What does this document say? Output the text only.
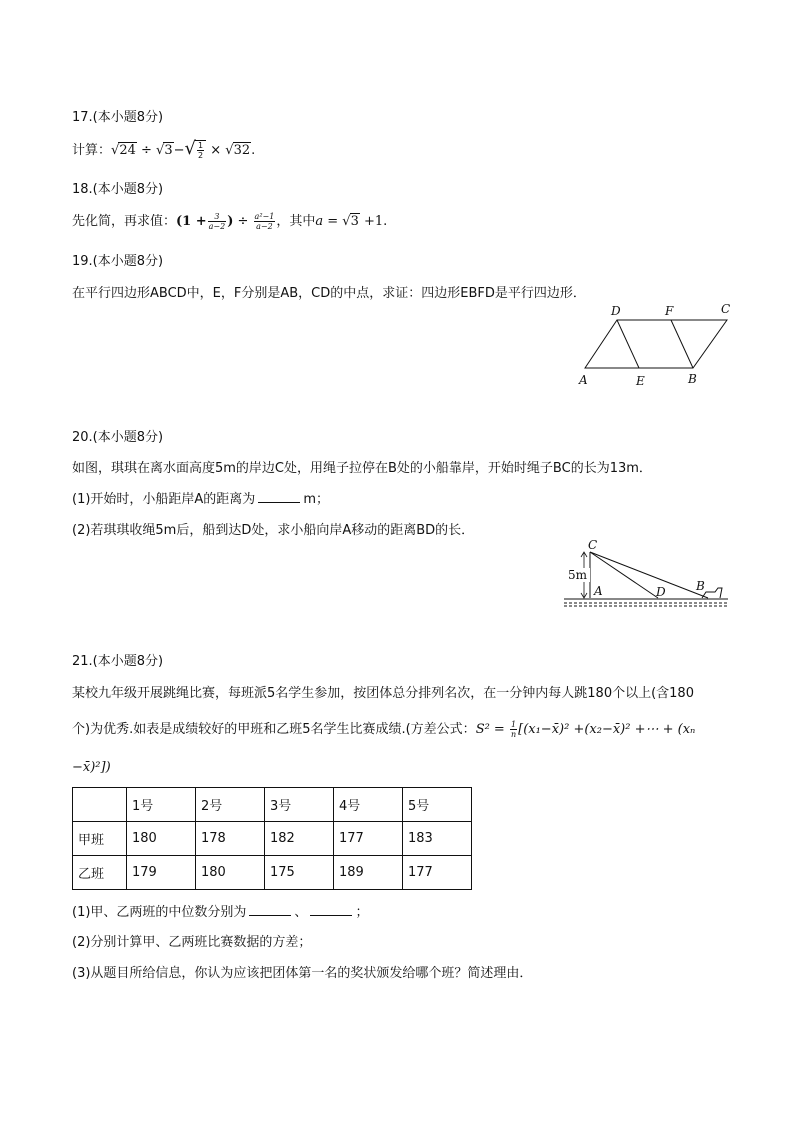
17.(本小题8分)
计算：$√24 \div √3-√ \frac{1}{2} \times √32$.
18.(本小题8分)
先化简，再求值：($1 + \frac{3}{a-2}$ ) ÷ $\frac{\text{a²−1}}{a-2}$ ，其中a = √3 +1.
19.(本小题8分)
在平行四边形ABCD中，E，F分别是AB，CD的中点，求证：四边形EBFD是平行四边形．
D	F	C
A	E	B
20.(本小题8分)
如图，琪琪在离水面高度5m的岸边C处，用绳子拉停在B处的小船靠岸，开始时绳子BC的长为13m．
(1)开始时，小船距岸A的距离为	m；
(2)若琪琪收绳5m后，船到达D处，求小船向岸A移动的距离BD的长．
5m
C
A	D	B
21.(本小题8分)
某校九年级开展跳绳比赛，每班派5名学生参加，按团体总分排列名次，在一分钟内每人跳180个以上(含180
个)为优秀.如表是成绩较好的甲班和乙班5名学生比赛成绩.(方差公式：$S^2 = \frac{1}{n}$ [(x₁−x̄)² +(x₂−x̄)² +⋯ + (xₙ
−x̄)²])
	1号	2号	3号	4号	5号
甲班	180	178	182	177	183
乙班	179	180	175	189	177
(1)甲、乙两班的中位数分别为	、	；
(2)分别计算甲、乙两班比赛数据的方差；
(3)从题目所给信息，你认为应该把团体第一名的奖状颁发给哪个班？简述理由．
